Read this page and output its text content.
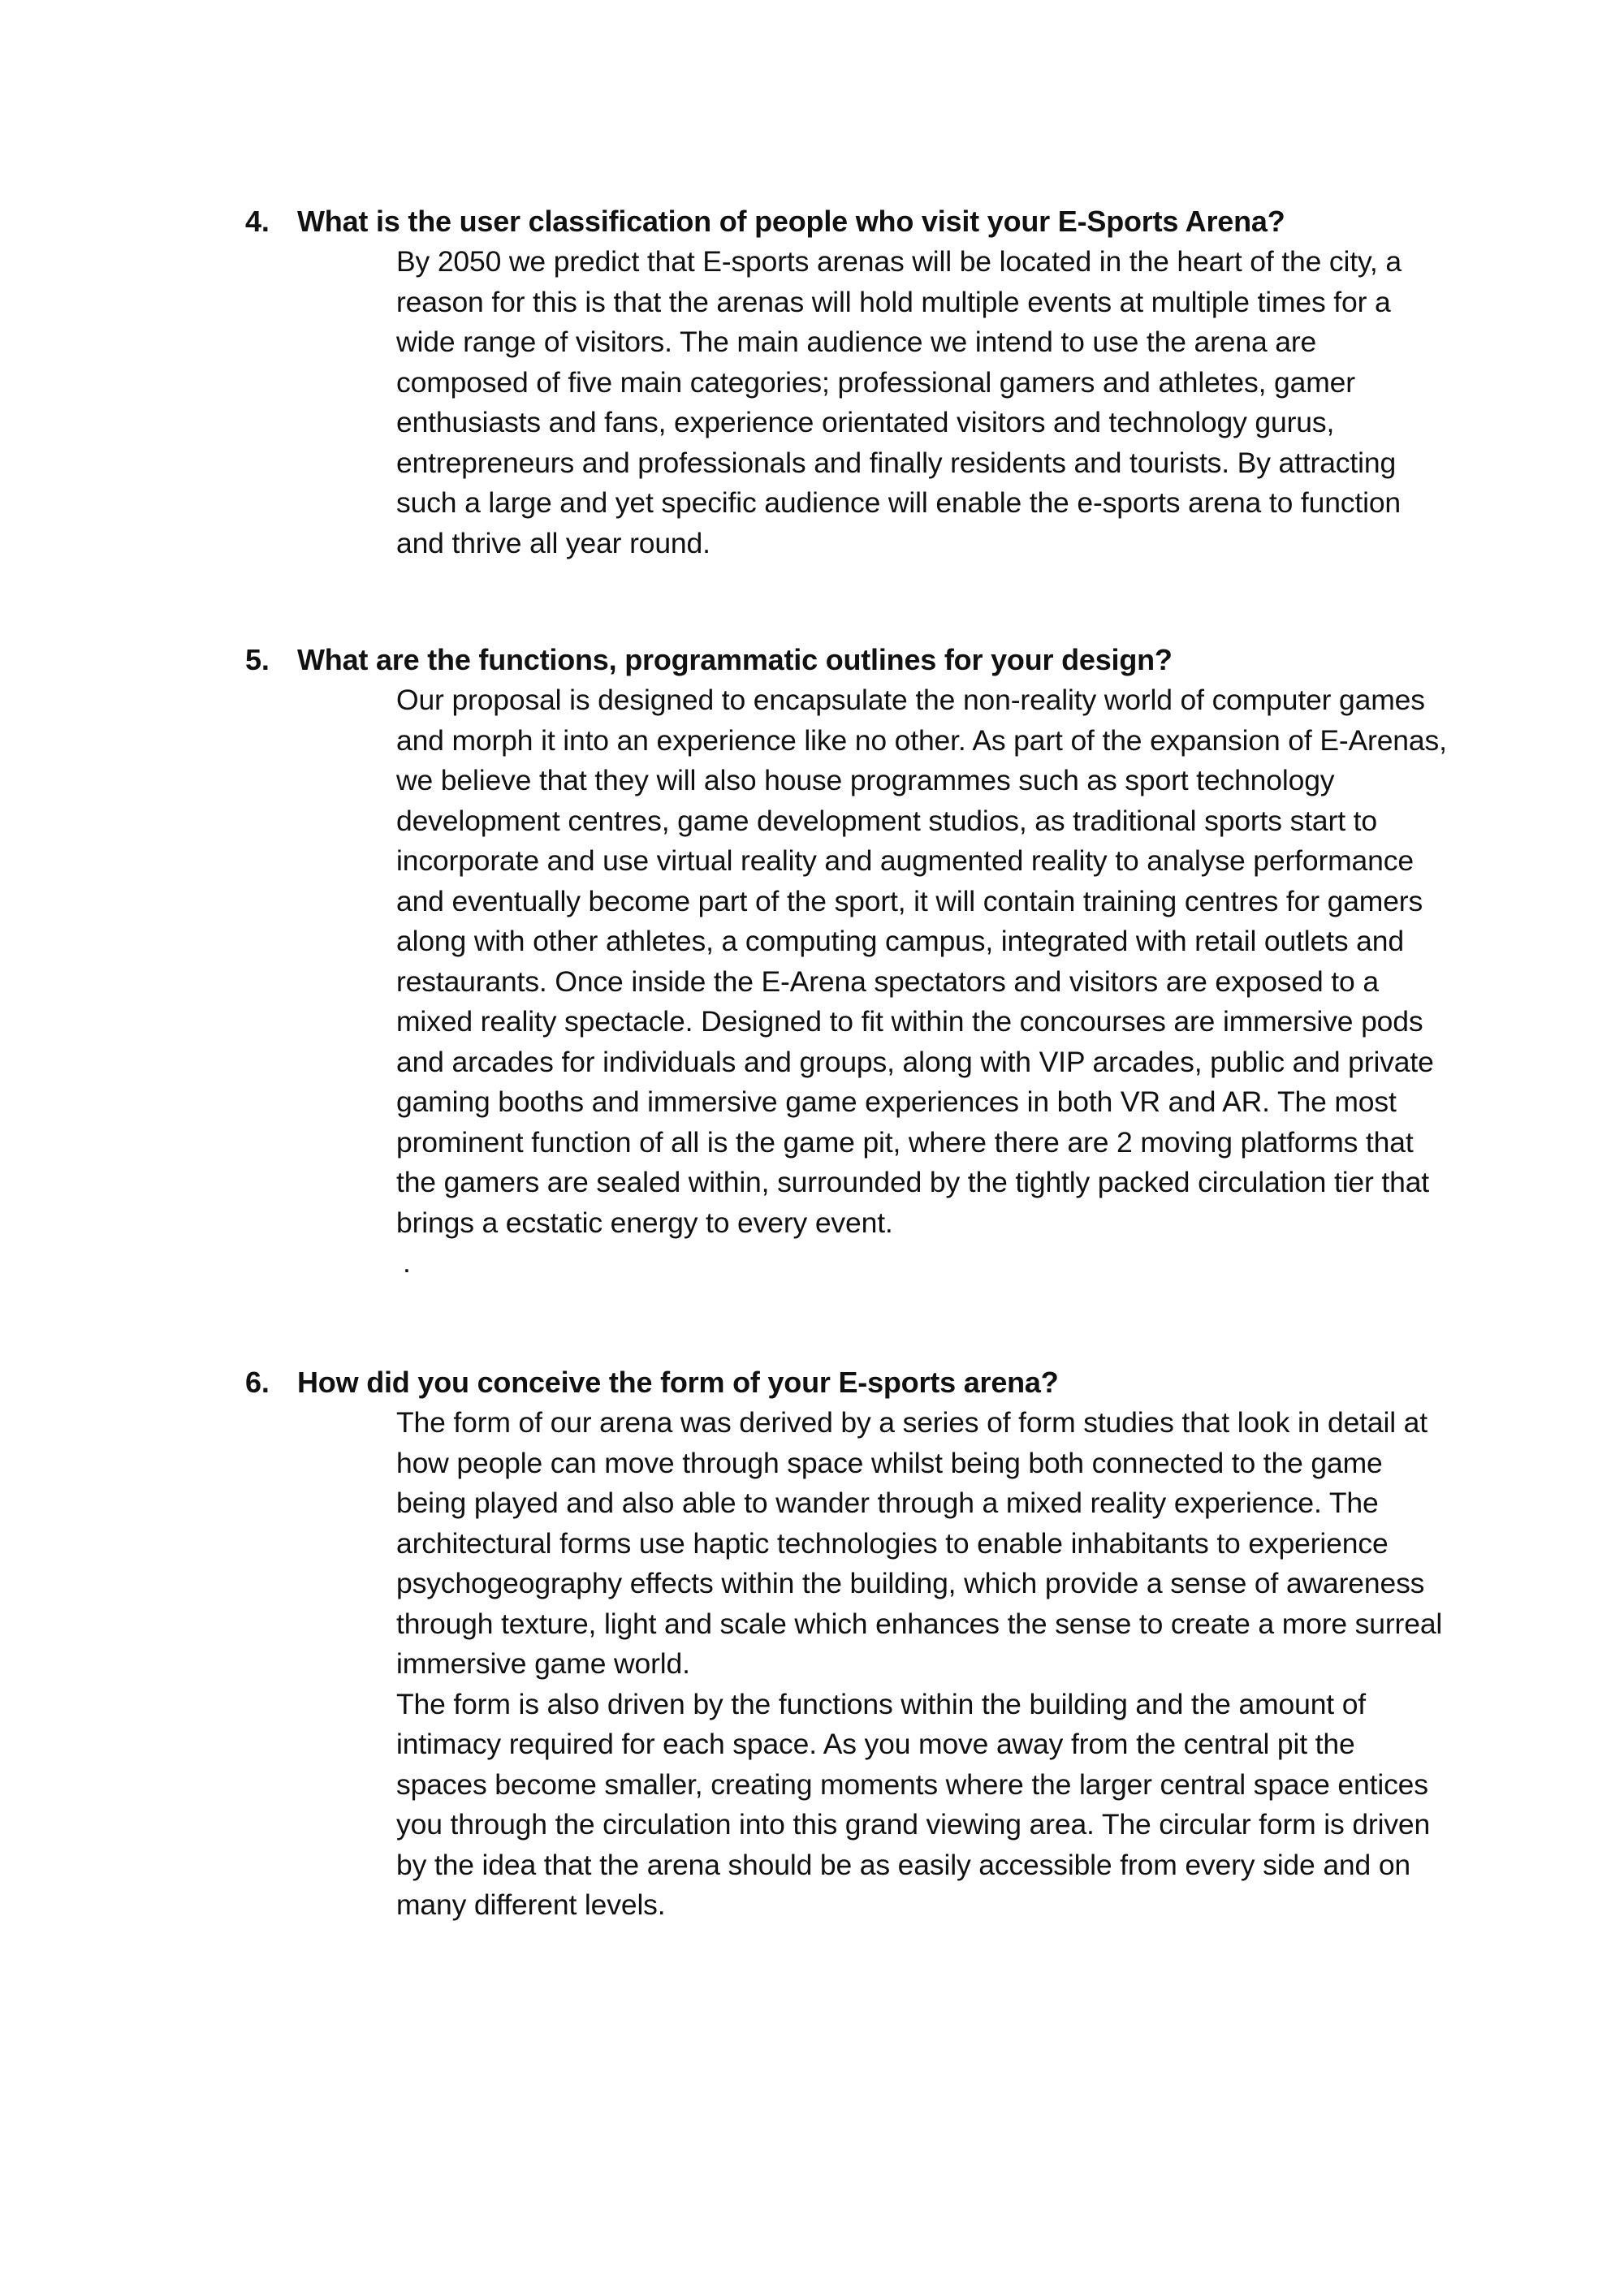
4. What is the user classification of people who visit your E-Sports Arena?

By 2050 we predict that E-sports arenas will be located in the heart of the city, a reason for this is that the arenas will hold multiple events at multiple times for a wide range of visitors. The main audience we intend to use the arena are composed of five main categories; professional gamers and athletes, gamer enthusiasts and fans, experience orientated visitors and technology gurus, entrepreneurs and professionals and finally residents and tourists. By attracting such a large and yet specific audience will enable the e-sports arena to function and thrive all year round.

5. What are the functions, programmatic outlines for your design?

Our proposal is designed to encapsulate the non-reality world of computer games and morph it into an experience like no other. As part of the expansion of E-Arenas, we believe that they will also house programmes such as sport technology development centres, game development studios, as traditional sports start to incorporate and use virtual reality and augmented reality to analyse performance and eventually become part of the sport, it will contain training centres for gamers along with other athletes, a computing campus, integrated with retail outlets and restaurants. Once inside the E-Arena spectators and visitors are exposed to a mixed reality spectacle. Designed to fit within the concourses are immersive pods and arcades for individuals and groups, along with VIP arcades, public and private gaming booths and immersive game experiences in both VR and AR. The most prominent function of all is the game pit, where there are 2 moving platforms that the gamers are sealed within, surrounded by the tightly packed circulation tier that brings a ecstatic energy to every event.

.

6. How did you conceive the form of your E-sports arena?

The form of our arena was derived by a series of form studies that look in detail at how people can move through space whilst being both connected to the game being played and also able to wander through a mixed reality experience. The architectural forms use haptic technologies to enable inhabitants to experience psychogeography effects within the building, which provide a sense of awareness through texture, light and scale which enhances the sense to create a more surreal immersive game world.

The form is also driven by the functions within the building and the amount of intimacy required for each space. As you move away from the central pit the spaces become smaller, creating moments where the larger central space entices you through the circulation into this grand viewing area. The circular form is driven by the idea that the arena should be as easily accessible from every side and on many different levels.
